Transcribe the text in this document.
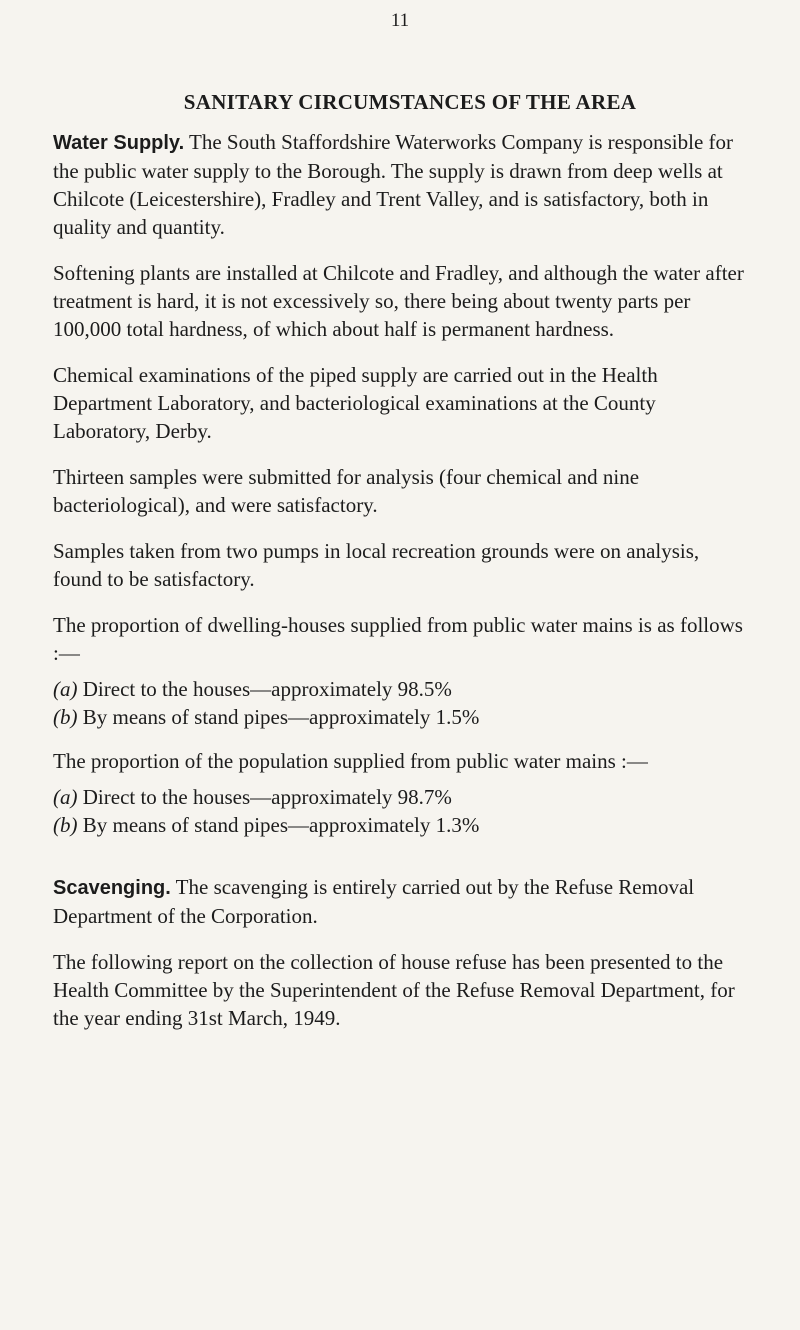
11
SANITARY CIRCUMSTANCES OF THE AREA

Water Supply. The South Staffordshire Waterworks Company is responsible for the public water supply to the Borough. The supply is drawn from deep wells at Chilcote (Leicestershire), Fradley and Trent Valley, and is satisfactory, both in quality and quantity.

Softening plants are installed at Chilcote and Fradley, and although the water after treatment is hard, it is not excessively so, there being about twenty parts per 100,000 total hardness, of which about half is permanent hardness.

Chemical examinations of the piped supply are carried out in the Health Department Laboratory, and bacteriological examinations at the County Laboratory, Derby.

Thirteen samples were submitted for analysis (four chemical and nine bacteriological), and were satisfactory.

Samples taken from two pumps in local recreation grounds were on analysis, found to be satisfactory.

The proportion of dwelling-houses supplied from public water mains is as follows :—

(a) Direct to the houses—approximately 98.5%
(b) By means of stand pipes—approximately 1.5%

The proportion of the population supplied from public water mains :—

(a) Direct to the houses—approximately 98.7%
(b) By means of stand pipes—approximately 1.3%

Scavenging. The scavenging is entirely carried out by the Refuse Removal Department of the Corporation.

The following report on the collection of house refuse has been presented to the Health Committee by the Superintendent of the Refuse Removal Department, for the year ending 31st March, 1949.
